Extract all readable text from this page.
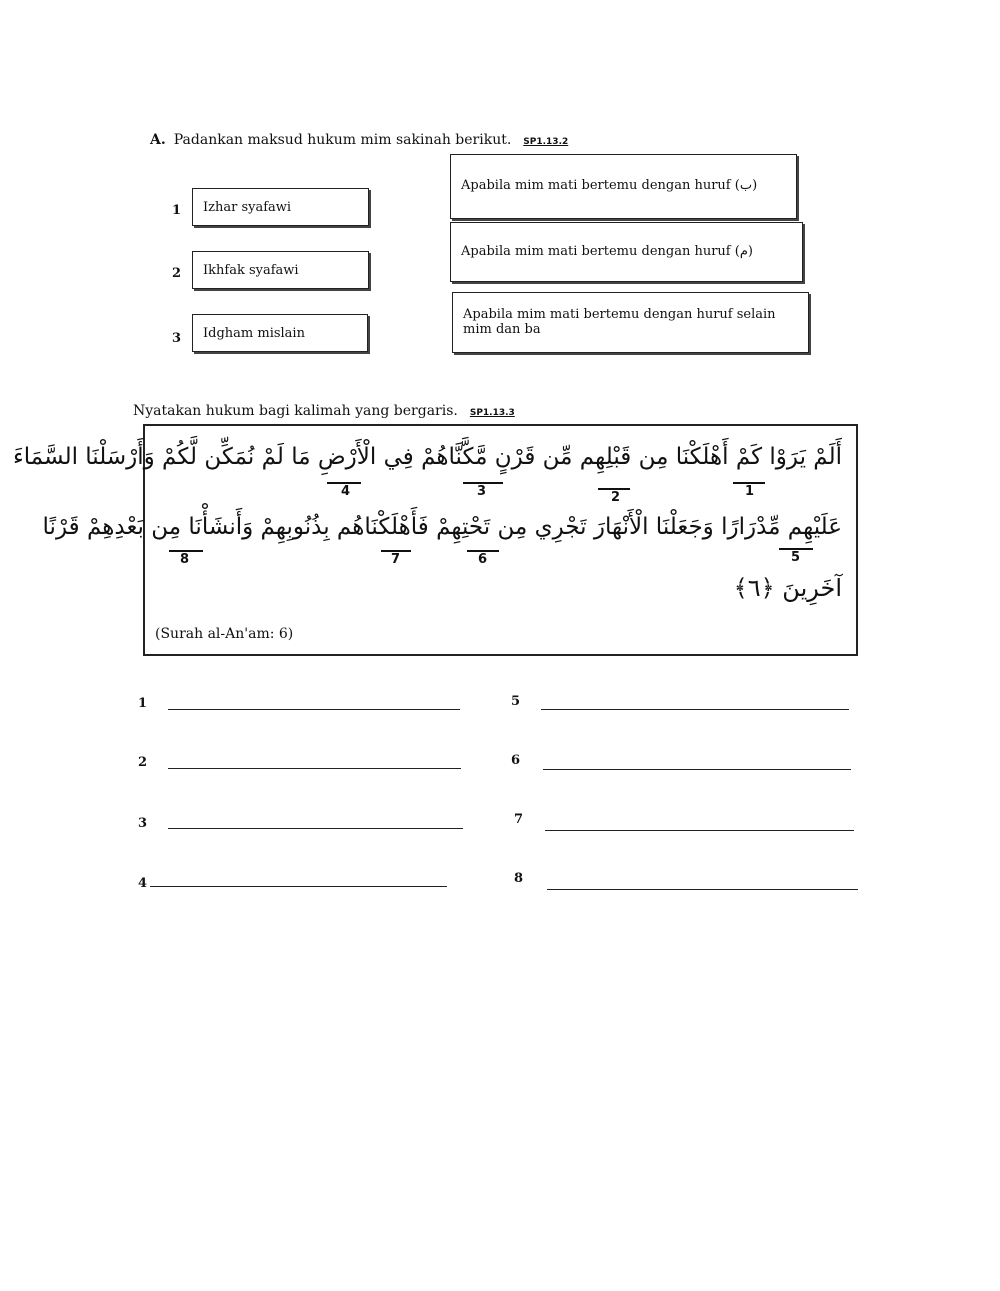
A. Padankan maksud hukum mim sakinah berikut. SP1.13.2
1 Izhar syafawi
2 Ikhfak syafawi
3 Idgham mislain
Apabila mim mati bertemu dengan huruf (ب)
Apabila mim mati bertemu dengan huruf (م)
Apabila mim mati bertemu dengan huruf selain mim dan ba
Nyatakan hukum bagi kalimah yang bergaris. SP1.13.3
أَلَمْ يَرَوْا كَمْ أَهْلَكْنَا مِن قَبْلِهِم مِّن قَرْنٍ مَّكَّنَّاهُمْ فِي الْأَرْضِ مَا لَمْ نُمَكِّن لَّكُمْ وَأَرْسَلْنَا السَّمَاءَ
عَلَيْهِم مِّدْرَارًا وَجَعَلْنَا الْأَنْهَارَ تَجْرِي مِن تَحْتِهِمْ فَأَهْلَكْنَاهُم بِذُنُوبِهِمْ وَأَنشَأْنَا مِن بَعْدِهِمْ قَرْنًا
آخَرِينَ ﴿٦﴾
1
2
3
4
5
6
7
8
(Surah al-An'am: 6)
1
2
3
4
5
6
7
8
